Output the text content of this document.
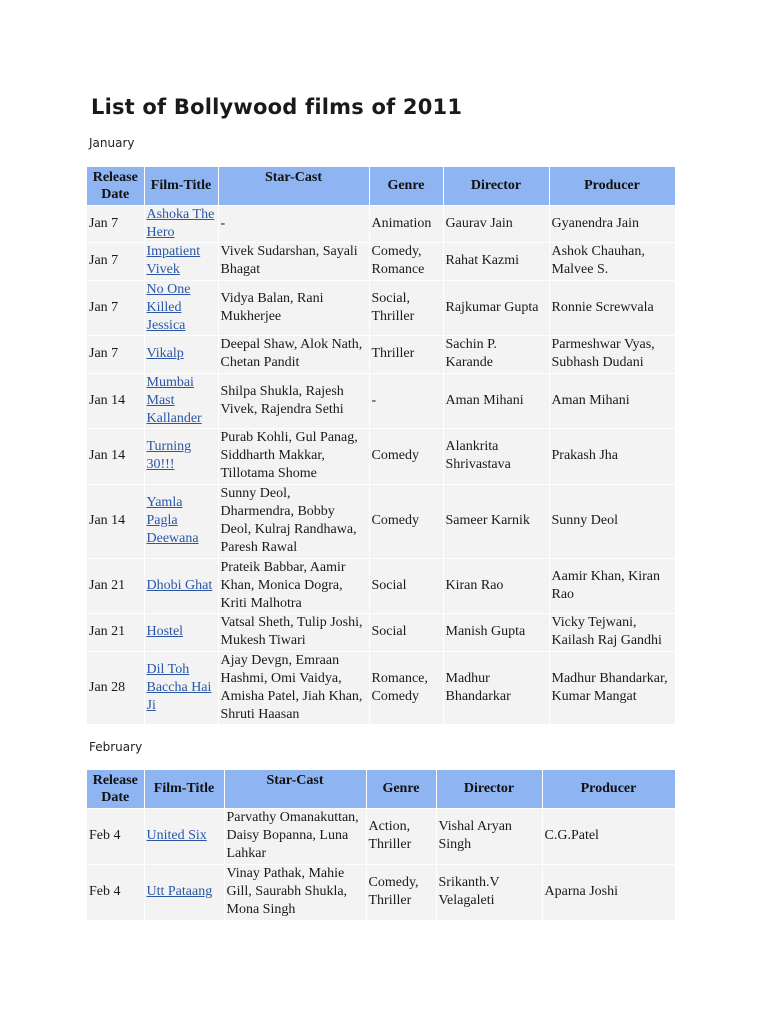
List of Bollywood films of 2011
January
Release Date	Film-Title	Star-Cast	Genre	Director	Producer
Jan 7	Ashoka The Hero	-	Animation	Gaurav Jain	Gyanendra Jain
Jan 7	Impatient Vivek	Vivek Sudarshan, Sayali Bhagat	Comedy, Romance	Rahat Kazmi	Ashok Chauhan, Malvee S.
Jan 7	No One Killed Jessica	Vidya Balan, Rani Mukherjee	Social, Thriller	Rajkumar Gupta	Ronnie Screwvala
Jan 7	Vikalp	Deepal Shaw, Alok Nath, Chetan Pandit	Thriller	Sachin P. Karande	Parmeshwar Vyas, Subhash Dudani
Jan 14	Mumbai Mast Kallander	Shilpa Shukla, Rajesh Vivek, Rajendra Sethi	-	Aman Mihani	Aman Mihani
Jan 14	Turning 30!!!	Purab Kohli, Gul Panag, Siddharth Makkar, Tillotama Shome	Comedy	Alankrita Shrivastava	Prakash Jha
Jan 14	Yamla Pagla Deewana	Sunny Deol, Dharmendra, Bobby Deol, Kulraj Randhawa, Paresh Rawal	Comedy	Sameer Karnik	Sunny Deol
Jan 21	Dhobi Ghat	Prateik Babbar, Aamir Khan, Monica Dogra, Kriti Malhotra	Social	Kiran Rao	Aamir Khan, Kiran Rao
Jan 21	Hostel	Vatsal Sheth, Tulip Joshi, Mukesh Tiwari	Social	Manish Gupta	Vicky Tejwani, Kailash Raj Gandhi
Jan 28	Dil Toh Baccha Hai Ji	Ajay Devgn, Emraan Hashmi, Omi Vaidya, Amisha Patel, Jiah Khan, Shruti Haasan	Romance, Comedy	Madhur Bhandarkar	Madhur Bhandarkar, Kumar Mangat
February
Release Date	Film-Title	Star-Cast	Genre	Director	Producer
Feb 4	United Six	Parvathy Omanakuttan, Daisy Bopanna, Luna Lahkar	Action, Thriller	Vishal Aryan Singh	C.G.Patel
Feb 4	Utt Pataang	Vinay Pathak, Mahie Gill, Saurabh Shukla, Mona Singh	Comedy, Thriller	Srikanth.V Velagaleti	Aparna Joshi
